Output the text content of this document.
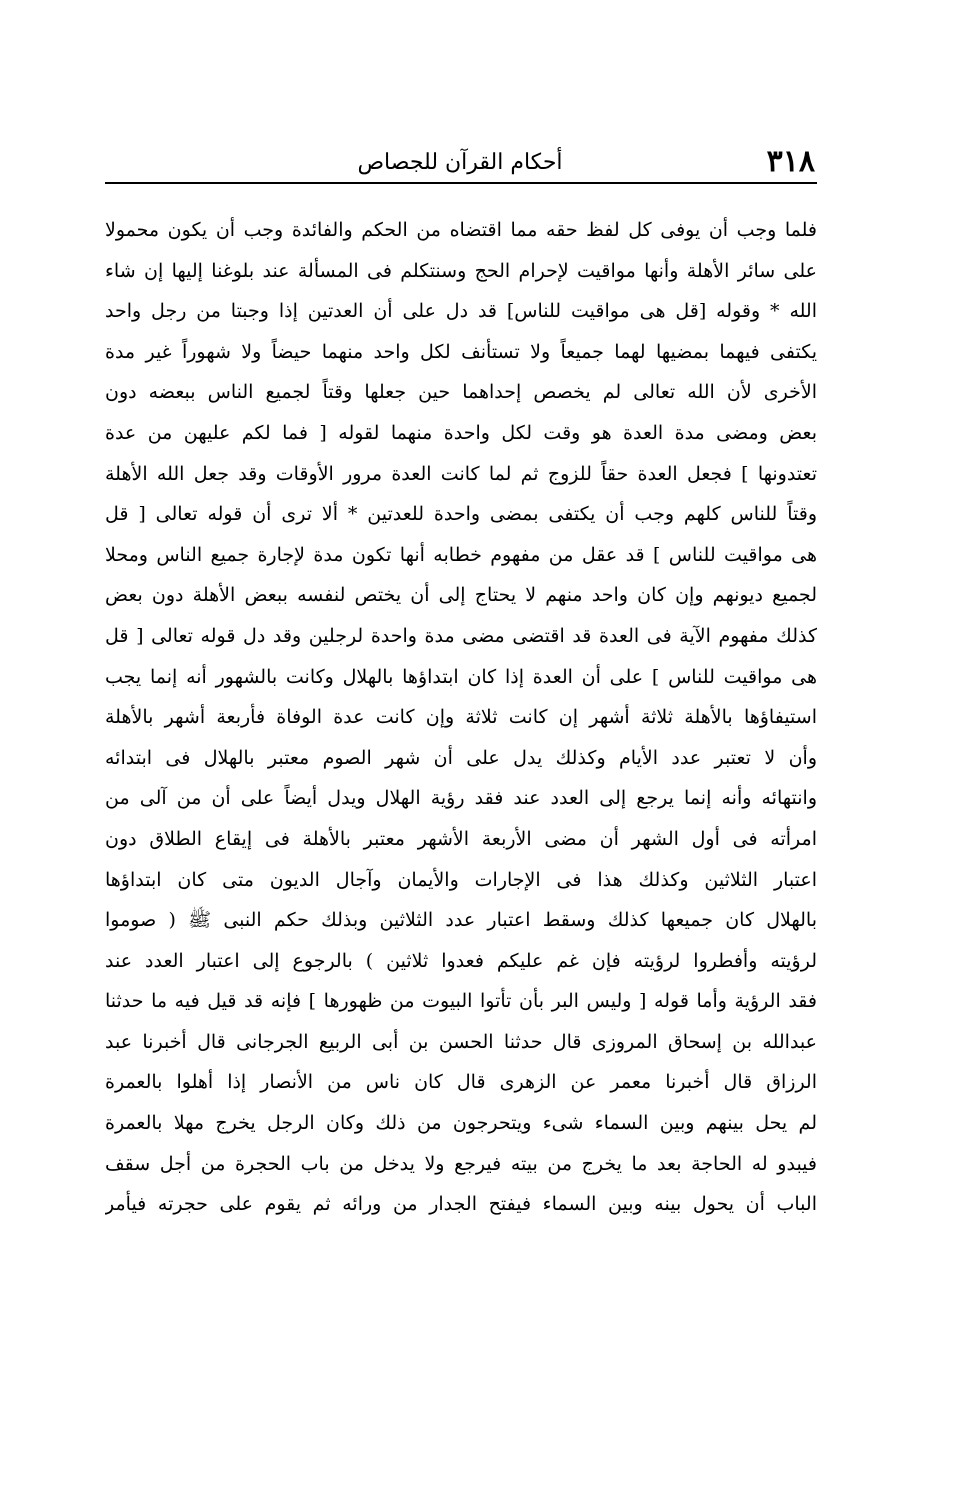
٣١٨
أحكام القرآن للجصاص
فلما وجب أن يوفى كل لفظ حقه مما اقتضاه من الحكم والفائدة وجب أن يكون محمولا
على سائر الأهلة وأنها مواقيت لإحرام الحج وسنتكلم فى المسألة عند بلوغنا إليها إن شاء
الله * وقوله [قل هى مواقيت للناس] قد دل على أن العدتين إذا وجبتا من رجل واحد
يكتفى فيهما بمضيها لهما جميعاً ولا تستأنف لكل واحد منهما حيضاً ولا شهوراً غير مدة
الأخرى لأن الله تعالى لم يخصص إحداهما حين جعلها وقتاً لجميع الناس ببعضه دون
بعض ومضى مدة العدة هو وقت لكل واحدة منهما لقوله [ فما لكم عليهن من عدة
تعتدونها ] فجعل العدة حقاً للزوج ثم لما كانت العدة مرور الأوقات وقد جعل الله الأهلة
وقتاً للناس كلهم وجب أن يكتفى بمضى واحدة للعدتين * ألا ترى أن قوله تعالى [ قل
هى مواقيت للناس ] قد عقل من مفهوم خطابه أنها تكون مدة لإجارة جميع الناس ومحلا
لجميع ديونهم وإن كان واحد منهم لا يحتاج إلى أن يختص لنفسه ببعض الأهلة دون بعض
كذلك مفهوم الآية فى العدة قد اقتضى مضى مدة واحدة لرجلين وقد دل قوله تعالى [ قل
هى مواقيت للناس ] على أن العدة إذا كان ابتداؤها بالهلال وكانت بالشهور أنه إنما يجب
استيفاؤها بالأهلة ثلاثة أشهر إن كانت ثلاثة وإن كانت عدة الوفاة فأربعة أشهر بالأهلة
وأن لا تعتبر عدد الأيام وكذلك يدل على أن شهر الصوم معتبر بالهلال فى ابتدائه
وانتهائه وأنه إنما يرجع إلى العدد عند فقد رؤية الهلال ويدل أيضاً على أن من آلى من
امرأته فى أول الشهر أن مضى الأربعة الأشهر معتبر بالأهلة فى إيقاع الطلاق دون
اعتبار الثلاثين وكذلك هذا فى الإجارات والأيمان وآجال الديون متى كان ابتداؤها
بالهلال كان جميعها كذلك وسقط اعتبار عدد الثلاثين وبذلك حكم النبى ﷺ ( صوموا
لرؤيته وأفطروا لرؤيته فإن غم عليكم فعدوا ثلاثين ) بالرجوع إلى اعتبار العدد عند
فقد الرؤية وأما قوله [ وليس البر بأن تأتوا البيوت من ظهورها ] فإنه قد قيل فيه ما حدثنا
عبدالله بن إسحاق المروزى قال حدثنا الحسن بن أبى الربيع الجرجانى قال أخبرنا عبد
الرزاق قال أخبرنا معمر عن الزهرى قال كان ناس من الأنصار إذا أهلوا بالعمرة
لم يحل بينهم وبين السماء شىء ويتحرجون من ذلك وكان الرجل يخرج مهلا بالعمرة
فيبدو له الحاجة بعد ما يخرج من بيته فيرجع ولا يدخل من باب الحجرة من أجل سقف
الباب أن يحول بينه وبين السماء فيفتح الجدار من ورائه ثم يقوم على حجرته فيأمر
